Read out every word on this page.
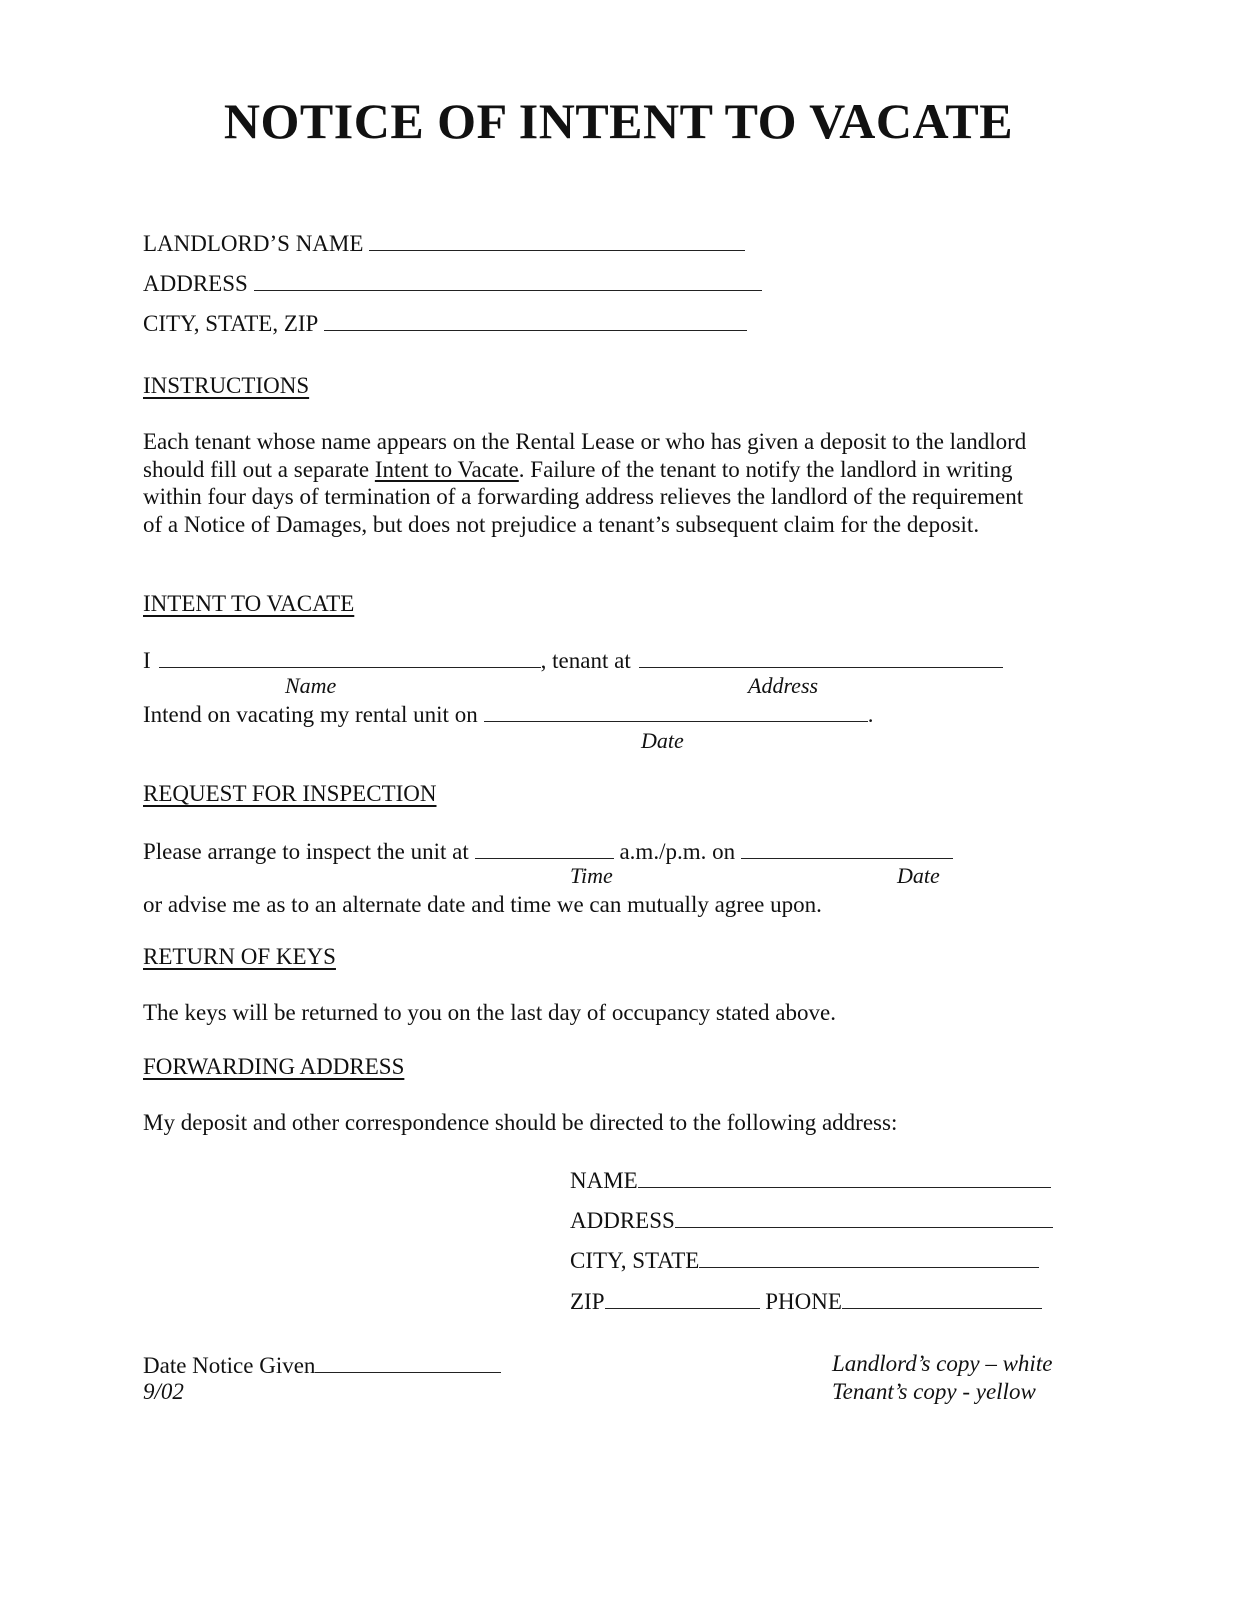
NOTICE OF INTENT TO VACATE
LANDLORD’S NAME
ADDRESS
CITY, STATE, ZIP
INSTRUCTIONS
Each tenant whose name appears on the Rental Lease or who has given a deposit to the landlord should fill out a separate Intent to Vacate. Failure of the tenant to notify the landlord in writing within four days of termination of a forwarding address relieves the landlord of the requirement of a Notice of Damages, but does not prejudice a tenant’s subsequent claim for the deposit.
INTENT TO VACATE
I	, tenant at
Name	Address
Intend on vacating my rental unit on	.
Date
REQUEST FOR INSPECTION
Please arrange to inspect the unit at	a.m./p.m. on
Time	Date
or advise me as to an alternate date and time we can mutually agree upon.
RETURN OF KEYS
The keys will be returned to you on the last day of occupancy stated above.
FORWARDING ADDRESS
My deposit and other correspondence should be directed to the following address:
NAME
ADDRESS
CITY, STATE
ZIP	PHONE
Date Notice Given
9/02
Landlord’s copy – white
Tenant’s copy - yellow
